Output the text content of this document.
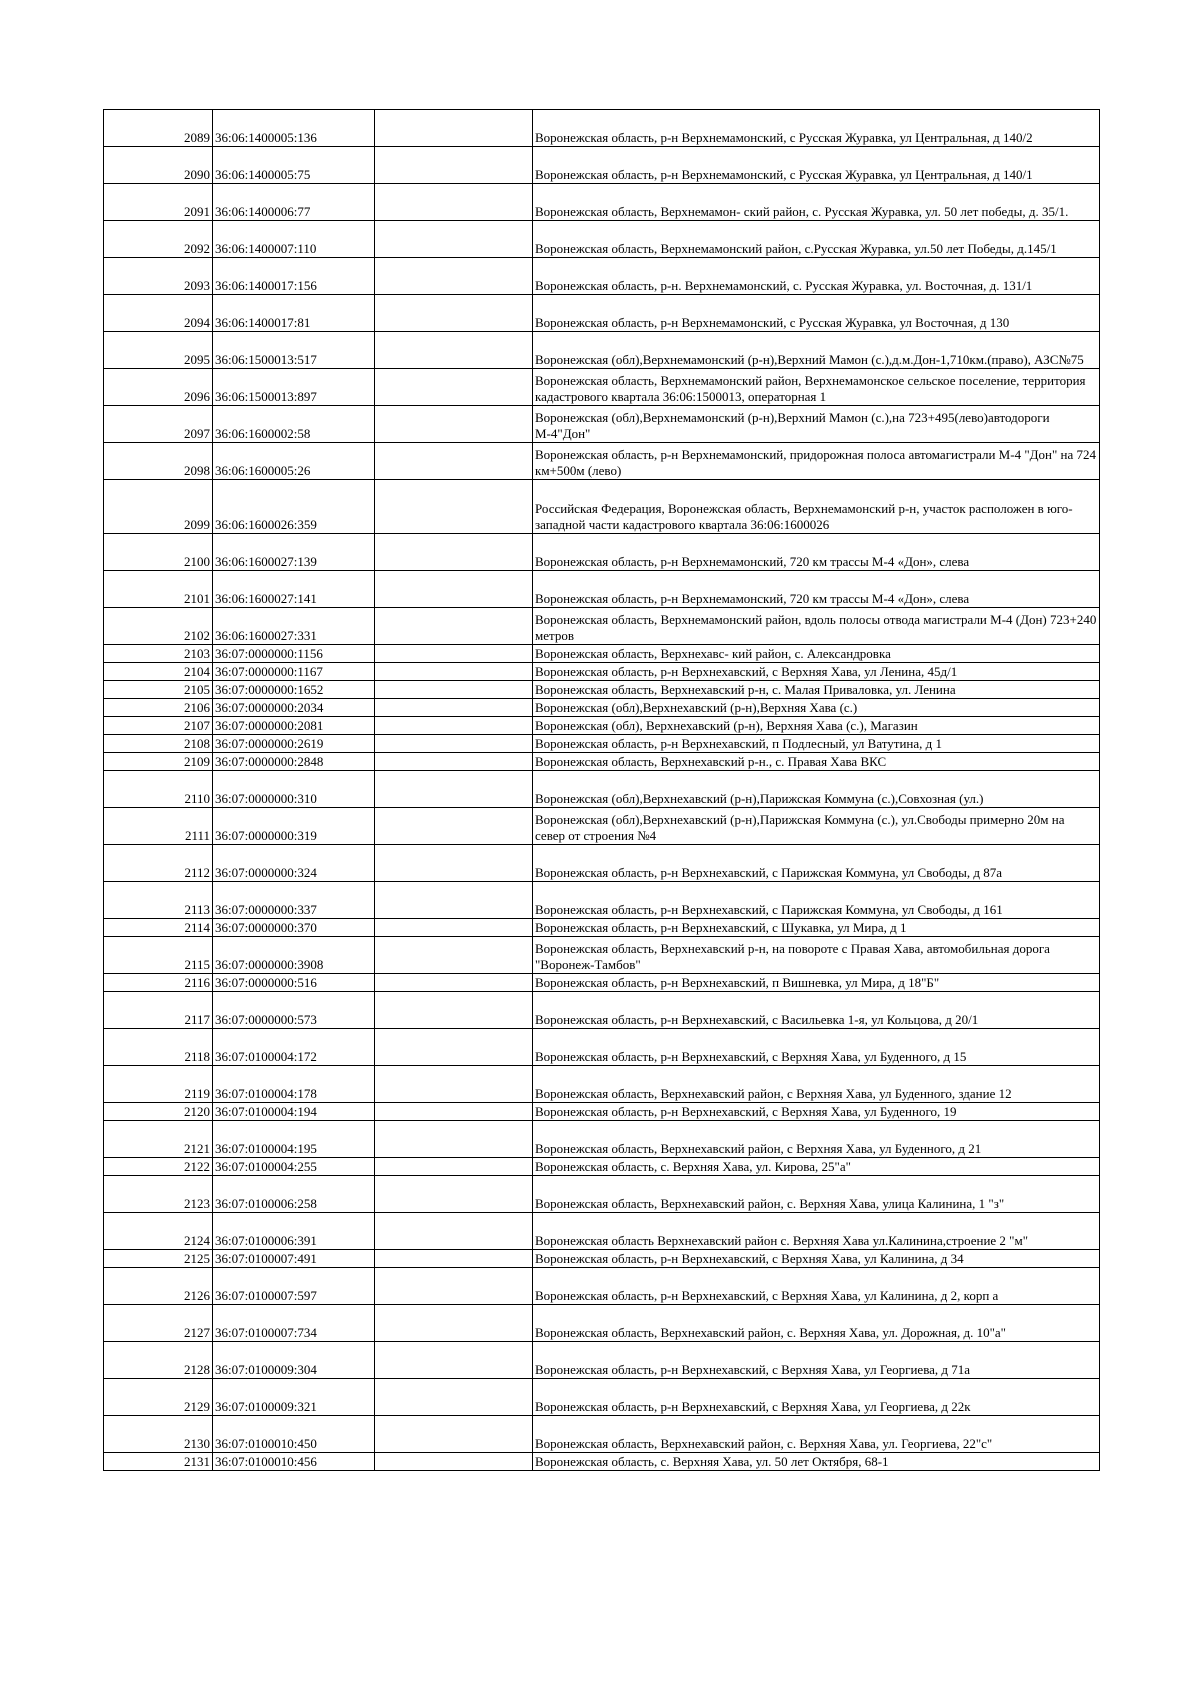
2089	36:06:1400005:136		Воронежская область, р-н Верхнемамонский, с Русская Журавка, ул Центральная, д 140/2
2090	36:06:1400005:75		Воронежская область, р-н Верхнемамонский, с Русская Журавка, ул Центральная, д 140/1
2091	36:06:1400006:77		Воронежская область, Верхнемамон- ский район, с. Русская Журавка, ул. 50 лет победы, д. 35/1.
2092	36:06:1400007:110		Воронежская область, Верхнемамонский район, с.Русская Журавка, ул.50 лет Победы, д.145/1
2093	36:06:1400017:156		Воронежская область, р-н. Верхнемамонский, с. Русская Журавка, ул. Восточная, д. 131/1
2094	36:06:1400017:81		Воронежская область, р-н Верхнемамонский, с Русская Журавка, ул Восточная, д 130
2095	36:06:1500013:517		Воронежская (обл),Верхнемамонский (р-н),Верхний Мамон (с.),д.м.Дон-1,710км.(право), АЗС№75
2096	36:06:1500013:897		Воронежская область, Верхнемамонский район, Верхнемамонское сельское поселение, территория кадастрового квартала 36:06:1500013, операторная 1
2097	36:06:1600002:58		Воронежская (обл),Верхнемамонский (р-н),Верхний Мамон (с.),на 723+495(лево)автодороги М-4"Дон"
2098	36:06:1600005:26		Воронежская область, р-н Верхнемамонский, придорожная полоса автомагистрали М-4 "Дон" на 724 км+500м (лево)
2099	36:06:1600026:359		Российская Федерация, Воронежская область, Верхнемамонский р-н, участок расположен в юго-западной части кадастрового квартала 36:06:1600026
2100	36:06:1600027:139		Воронежская область, р-н Верхнемамонский, 720 км трассы М-4 «Дон», слева
2101	36:06:1600027:141		Воронежская область, р-н Верхнемамонский, 720 км трассы М-4 «Дон», слева
2102	36:06:1600027:331		Воронежская область, Верхнемамонский район, вдоль полосы отвода магистрали М-4 (Дон) 723+240 метров
2103	36:07:0000000:1156		Воронежская область, Верхнехавс- кий район, с. Александровка
2104	36:07:0000000:1167		Воронежская область, р-н Верхнехавский, с Верхняя Хава, ул Ленина, 45д/1
2105	36:07:0000000:1652		Воронежская область, Верхнехавский р-н, с. Малая Приваловка, ул. Ленина
2106	36:07:0000000:2034		Воронежская (обл),Верхнехавский (р-н),Верхняя Хава (с.)
2107	36:07:0000000:2081		Воронежская (обл), Верхнехавский (р-н), Верхняя Хава (с.), Магазин
2108	36:07:0000000:2619		Воронежская область, р-н Верхнехавский, п Подлесный, ул Ватутина, д 1
2109	36:07:0000000:2848		Воронежская область, Верхнехавский р-н., с. Правая Хава ВКС
2110	36:07:0000000:310		Воронежская (обл),Верхнехавский (р-н),Парижская Коммуна (с.),Совхозная (ул.)
2111	36:07:0000000:319		Воронежская (обл),Верхнехавский (р-н),Парижская Коммуна (с.), ул.Свободы примерно 20м на север от строения №4
2112	36:07:0000000:324		Воронежская область, р-н Верхнехавский, с Парижская Коммуна, ул Свободы, д 87а
2113	36:07:0000000:337		Воронежская область, р-н Верхнехавский, с Парижская Коммуна, ул Свободы, д 161
2114	36:07:0000000:370		Воронежская область, р-н Верхнехавский, с Шукавка, ул Мира, д 1
2115	36:07:0000000:3908		Воронежская область, Верхнехавский р-н, на повороте с Правая Хава, автомобильная дорога "Воронеж-Тамбов"
2116	36:07:0000000:516		Воронежская область, р-н Верхнехавский, п Вишневка, ул Мира, д 18"Б"
2117	36:07:0000000:573		Воронежская область, р-н Верхнехавский, с Васильевка 1-я, ул Кольцова, д 20/1
2118	36:07:0100004:172		Воронежская область, р-н Верхнехавский, с Верхняя Хава, ул Буденного, д 15
2119	36:07:0100004:178		Воронежская область, Верхнехавский район, с Верхняя Хава, ул Буденного, здание 12
2120	36:07:0100004:194		Воронежская область, р-н Верхнехавский, с Верхняя Хава, ул Буденного, 19
2121	36:07:0100004:195		Воронежская область, Верхнехавский район, с Верхняя Хава, ул Буденного, д 21
2122	36:07:0100004:255		Воронежская область, с. Верхняя Хава, ул. Кирова, 25"а"
2123	36:07:0100006:258		Воронежская область, Верхнехавский район, с. Верхняя Хава, улица Калинина, 1 "з"
2124	36:07:0100006:391		Воронежская область Верхнехавский район с. Верхняя Хава ул.Калинина,строение 2 "м"
2125	36:07:0100007:491		Воронежская область, р-н Верхнехавский, с Верхняя Хава, ул Калинина, д 34
2126	36:07:0100007:597		Воронежская область, р-н Верхнехавский, с Верхняя Хава, ул Калинина, д 2, корп а
2127	36:07:0100007:734		Воронежская область, Верхнехавский район, с. Верхняя Хава, ул. Дорожная, д. 10"а"
2128	36:07:0100009:304		Воронежская область, р-н Верхнехавский, с Верхняя Хава, ул Георгиева, д 71а
2129	36:07:0100009:321		Воронежская область, р-н Верхнехавский, с Верхняя Хава, ул Георгиева, д 22к
2130	36:07:0100010:450		Воронежская область, Верхнехавский район, с. Верхняя Хава, ул. Георгиева, 22"с"
2131	36:07:0100010:456		Воронежская область, с. Верхняя Хава, ул. 50 лет Октября, 68-1
